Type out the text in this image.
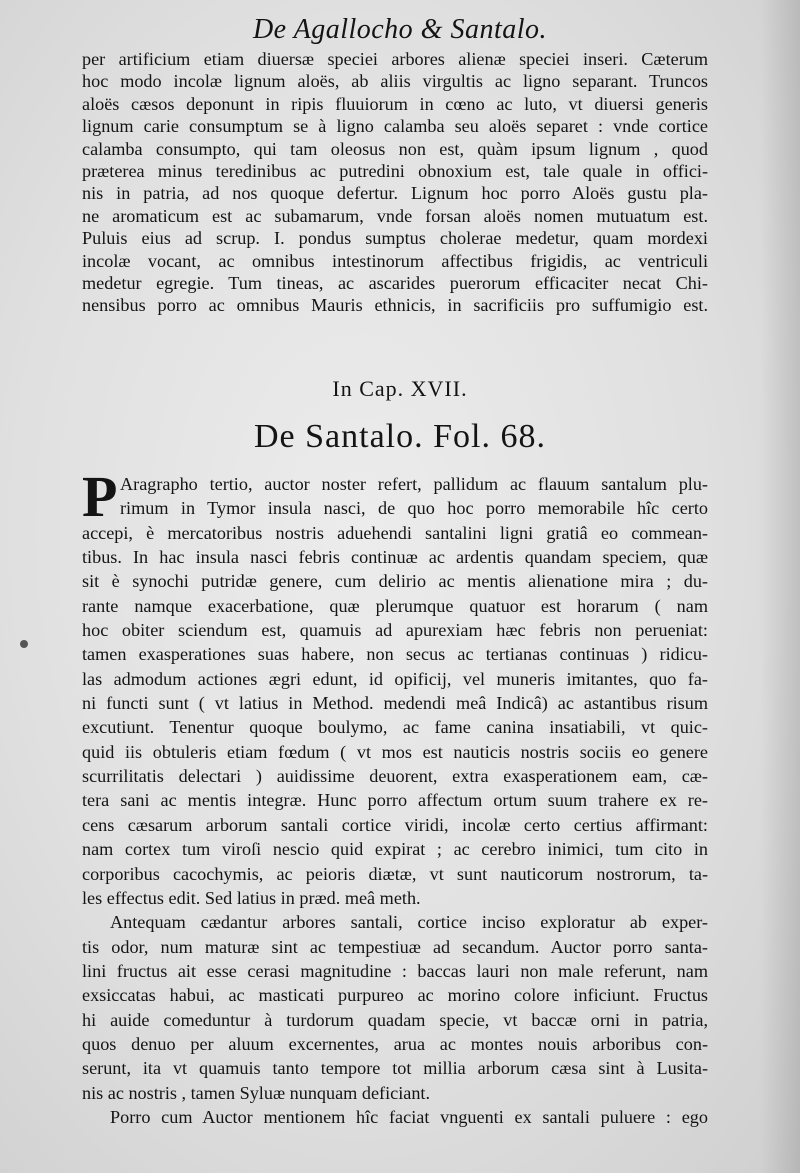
De Agallocho & Santalo.
per artificium etiam diuersæ speciei arbores alienæ speciei inseri. Cæterum
hoc modo incolæ lignum aloës, ab aliis virgultis ac ligno separant. Truncos
aloës cæsos deponunt in ripis fluuiorum in cœno ac luto, vt diuersi generis
lignum carie consumptum se à ligno calamba seu aloës separet : vnde cortice
calamba consumpto, qui tam oleosus non est, quàm ipsum lignum , quod
præterea minus teredinibus ac putredini obnoxium est, tale quale in offici-
nis in patria, ad nos quoque defertur. Lignum hoc porro Aloës gustu pla-
ne aromaticum est ac subamarum, vnde forsan aloës nomen mutuatum est.
Puluis eius ad scrup. I. pondus sumptus cholerae medetur, quam mordexi
incolæ vocant, ac omnibus intestinorum affectibus frigidis, ac ventriculi
medetur egregie. Tum tineas, ac ascarides puerorum efficaciter necat Chi-
nensibus porro ac omnibus Mauris ethnicis, in sacrificiis pro suffumigio est.
In Cap. XVII.
De Santalo. Fol. 68.
P Aragrapho tertio, auctor noster refert, pallidum ac flauum santalum plu-
rimum in Tymor insula nasci, de quo hoc porro memorabile hîc certo
accepi, è mercatoribus nostris aduehendi santalini ligni gratiâ eo commean-
tibus. In hac insula nasci febris continuæ ac ardentis quandam speciem, quæ
sit è synochi putridæ genere, cum delirio ac mentis alienatione mira ; du-
rante namque exacerbatione, quæ plerumque quatuor est horarum ( nam
hoc obiter sciendum est, quamuis ad apurexiam hæc febris non perueniat:
tamen exasperationes suas habere, non secus ac tertianas continuas ) ridicu-
las admodum actiones ægri edunt, id opificij, vel muneris imitantes, quo fa-
ni functi sunt ( vt latius in Method. medendi meâ Indicâ) ac astantibus risum
excutiunt. Tenentur quoque boulymo, ac fame canina insatiabili, vt quic-
quid iis obtuleris etiam fœdum ( vt mos est nauticis nostris sociis eo genere
scurrilitatis delectari ) auidissime deuorent, extra exasperationem eam, cæ-
tera sani ac mentis integræ. Hunc porro affectum ortum suum trahere ex re-
cens cæsarum arborum santali cortice viridi, incolæ certo certius affirmant:
nam cortex tum viroſi nescio quid expirat ; ac cerebro inimici, tum cito in
corporibus cacochymis, ac peioris diætæ, vt sunt nauticorum nostrorum, ta-
les effectus edit. Sed latius in præd. meâ meth.
Antequam cædantur arbores santali, cortice inciso exploratur ab exper-
tis odor, num maturæ sint ac tempestiuæ ad secandum. Auctor porro santa-
lini fructus ait esse cerasi magnitudine : baccas lauri non male referunt, nam
exsiccatas habui, ac masticati purpureo ac morino colore inficiunt. Fructus
hi auide comeduntur à turdorum quadam specie, vt baccæ orni in patria,
quos denuo per aluum excernentes, arua ac montes nouis arboribus con-
serunt, ita vt quamuis tanto tempore tot millia arborum cæsa sint à Lusita-
nis ac nostris , tamen Syluæ nunquam deficiant.
Porro cum Auctor mentionem hîc faciat vnguenti ex santali puluere : ego
